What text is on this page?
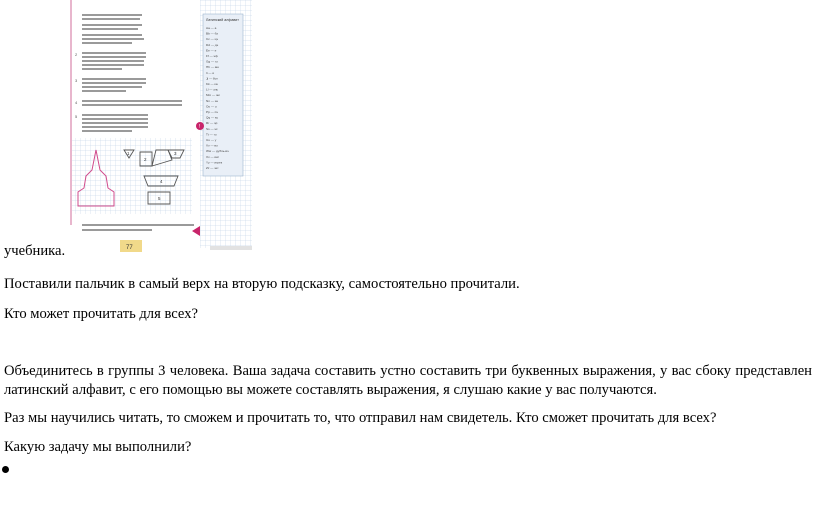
2
3
4
5
1
2
3
4
5
Латинский алфавит
Aa — а
Bb — бэ
Cc — цэ
Dd — дэ
Ee — е
Ff — эф
Gg — гэ
Hh — аш
Ii — и
Jj — йот
Kk — ка
Ll — эль
Mm — эм
Nn — эн
Oo — о
Pp — пэ
Qq — ку
Rr — эр
Ss — эс
Tt — тэ
Uu — у
Vv — вэ
Ww — дубль-вэ
Xx — икс
Yy — игрек
Zz — зет
!
77

учебника.

Поставили пальчик в самый верх на вторую подсказку, самостоятельно прочитали.

Кто может прочитать для всех?

Объединитесь в группы 3 человека. Ваша задача составить устно составить три буквенных выражения, у вас сбоку представлен латинский алфавит, с его помощью вы можете составлять выражения, я слушаю какие у вас получаются.

Раз мы научились читать, то сможем и прочитать то, что отправил нам свидетель. Кто сможет прочитать для всех?

Какую задачу мы выполнили?
